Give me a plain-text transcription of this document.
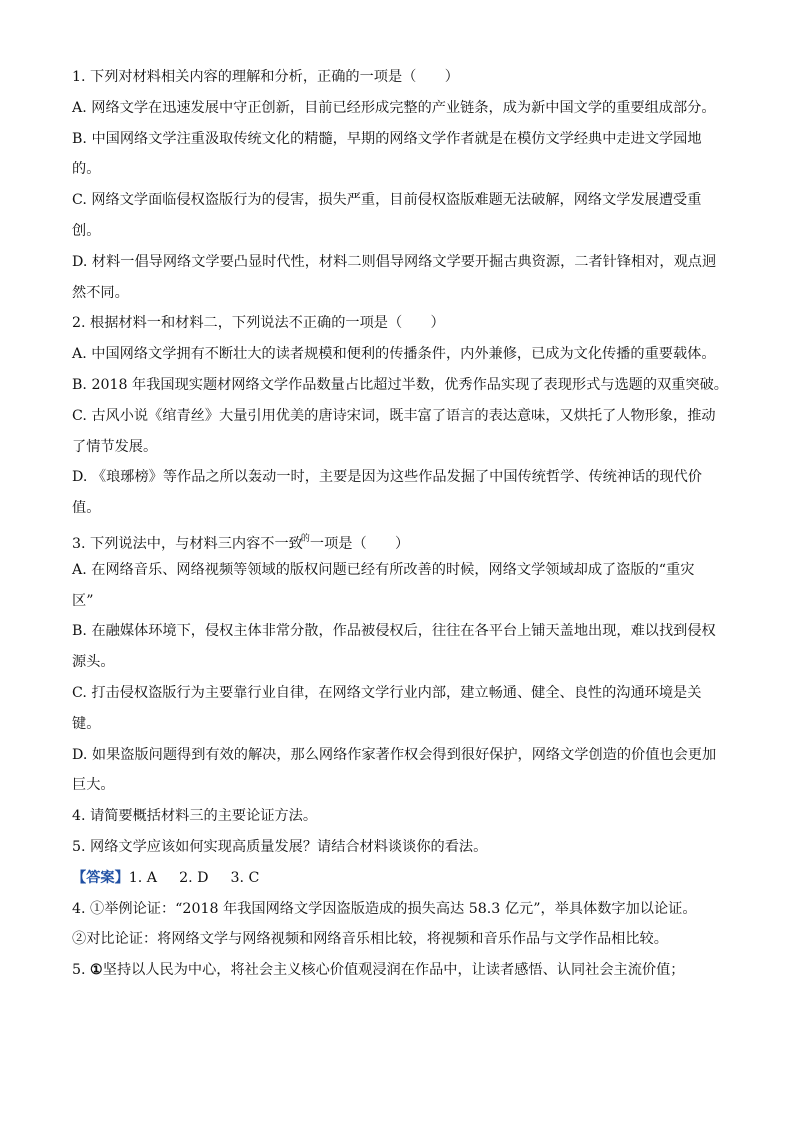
1. 下列对材料相关内容的理解和分析，正确的一项是（　　）
A. 网络文学在迅速发展中守正创新，目前已经形成完整的产业链条，成为新中国文学的重要组成部分。
B. 中国网络文学注重汲取传统文化的精髓，早期的网络文学作者就是在模仿文学经典中走进文学园地
的。
C. 网络文学面临侵权盗版行为的侵害，损失严重，目前侵权盗版难题无法破解，网络文学发展遭受重
创。
D. 材料一倡导网络文学要凸显时代性，材料二则倡导网络文学要开掘古典资源，二者针锋相对，观点迥
然不同。
2. 根据材料一和材料二，下列说法不正确的一项是（　　）
A. 中国网络文学拥有不断壮大的读者规模和便利的传播条件，内外兼修，已成为文化传播的重要载体。
B. 2018 年我国现实题材网络文学作品数量占比超过半数，优秀作品实现了表现形式与选题的双重突破。
C. 古风小说《绾青丝》大量引用优美的唐诗宋词，既丰富了语言的表达意味，又烘托了人物形象，推动
了情节发展。
D. 《琅琊榜》等作品之所以轰动一时，主要是因为这些作品发掘了中国传统哲学、传统神话的现代价
值。
3. 下列说法中，与材料三内容不一致$^的$一项是（　　）
A. 在网络音乐、网络视频等领域的版权问题已经有所改善的时候，网络文学领域却成了盗版的“重灾
区”
B. 在融媒体环境下，侵权主体非常分散，作品被侵权后，往往在各平台上铺天盖地出现，难以找到侵权
源头。
C. 打击侵权盗版行为主要靠行业自律，在网络文学行业内部，建立畅通、健全、良性的沟通环境是关
键。
D. 如果盗版问题得到有效的解决，那么网络作家著作权会得到很好保护，网络文学创造的价值也会更加
巨大。
4. 请简要概括材料三的主要论证方法。
5. 网络文学应该如何实现高质量发展？请结合材料谈谈你的看法。
【答案】1. A 2. D 3. C
4. ①举例论证：“2018 年我国网络文学因盗版造成的损失高达 58.3 亿元”，举具体数字加以论证。
②对比论证：将网络文学与网络视频和网络音乐相比较，将视频和音乐作品与文学作品相比较。
5. ①坚持以人民为中心，将社会主义核心价值观浸润在作品中，让读者感悟、认同社会主流价值；
